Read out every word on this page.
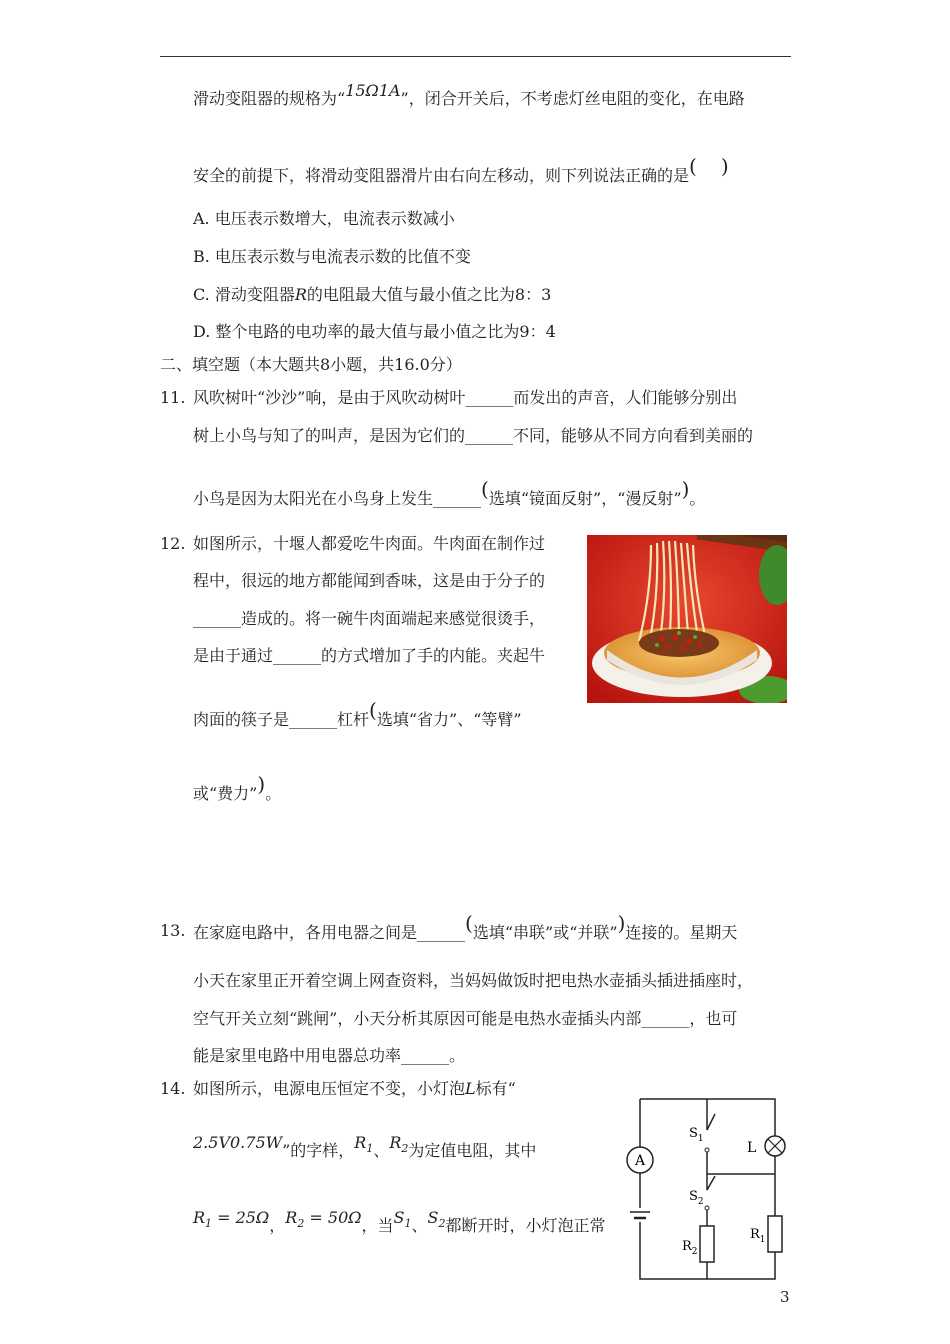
滑动变阻器的规格为“15Ω1A”，闭合开关后，不考虑灯丝电阻的变化，在电路
安全的前提下，将滑动变阻器滑片由右向左移动，则下列说法正确的是( )
A. 电压表示数增大，电流表示数减小
B. 电压表示数与电流表示数的比值不变
C. 滑动变阻器R的电阻最大值与最小值之比为8：3
D. 整个电路的电功率的最大值与最小值之比为9：4
二、填空题（本大题共8小题，共16.0分）
11. 风吹树叶“沙沙”响，是由于风吹动树叶______而发出的声音，人们能够分别出
树上小鸟与知了的叫声，是因为它们的______不同，能够从不同方向看到美丽的
小鸟是因为太阳光在小鸟身上发生______(选填“镜面反射”，“漫反射”)。
12. 如图所示，十堰人都爱吃牛肉面。牛肉面在制作过
程中，很远的地方都能闻到香味，这是由于分子的
______造成的。将一碗牛肉面端起来感觉很烫手，
是由于通过______的方式增加了手的内能。夹起牛
肉面的筷子是______杠杆(选填“省力”、“等臂”
或“费力”)。
13. 在家庭电路中，各用电器之间是______(选填“串联”或“并联”)连接的。星期天
小天在家里正开着空调上网查资料，当妈妈做饭时把电热水壶插头插进插座时，
空气开关立刻“跳闸”，小天分析其原因可能是电热水壶插头内部______，也可
能是家里电路中用电器总功率______。
14. 如图所示，电源电压恒定不变，小灯泡L标有“
2.5V0.75W”的字样，$R_1$、$R_2$为定值电阻，其中
$R_1 = 25\Omega$，$R_2 = 50\Omega$，当$S_1$、$S_2$都断开时，小灯泡正常
A
$S_1$
$S_2$
L
$R_2$
$R_1$
3
